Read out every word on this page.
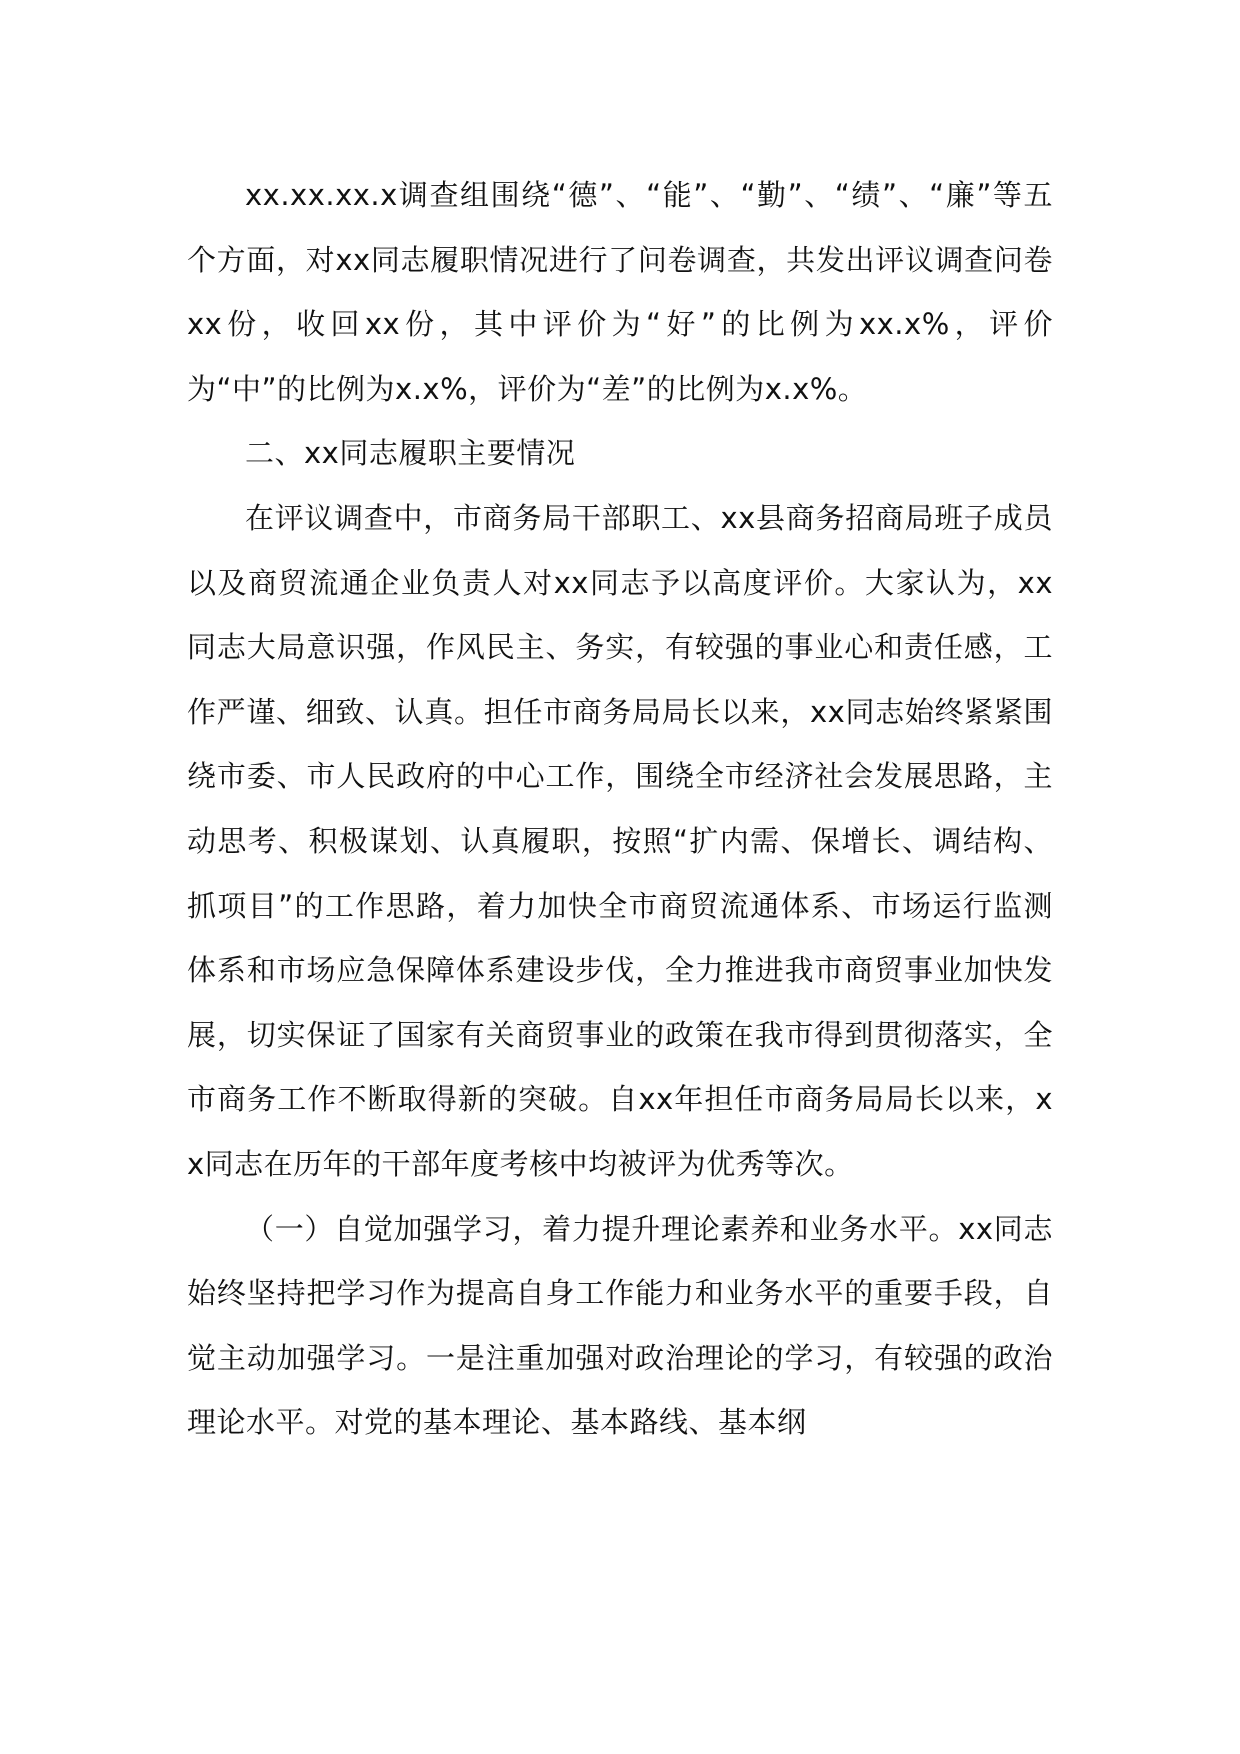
xx.xx.xx.x调查组围绕“德”、“能”、“勤”、“绩”、“廉”等五个方面，对xx同志履职情况进行了问卷调查，共发出评议调查问卷xx份，收回xx份，其中评价为“好”的比例为xx.x%，评价为“中”的比例为x.x%，评价为“差”的比例为x.x%。

二、xx同志履职主要情况

在评议调查中，市商务局干部职工、xx县商务招商局班子成员以及商贸流通企业负责人对xx同志予以高度评价。大家认为，xx同志大局意识强，作风民主、务实，有较强的事业心和责任感，工作严谨、细致、认真。担任市商务局局长以来，xx同志始终紧紧围绕市委、市人民政府的中心工作，围绕全市经济社会发展思路，主动思考、积极谋划、认真履职，按照“扩内需、保增长、调结构、抓项目”的工作思路，着力加快全市商贸流通体系、市场运行监测体系和市场应急保障体系建设步伐，全力推进我市商贸事业加快发展，切实保证了国家有关商贸事业的政策在我市得到贯彻落实，全市商务工作不断取得新的突破。自xx年担任市商务局局长以来，xx同志在历年的干部年度考核中均被评为优秀等次。

（一）自觉加强学习，着力提升理论素养和业务水平。xx同志始终坚持把学习作为提高自身工作能力和业务水平的重要手段，自觉主动加强学习。一是注重加强对政治理论的学习，有较强的政治理论水平。对党的基本理论、基本路线、基本纲
